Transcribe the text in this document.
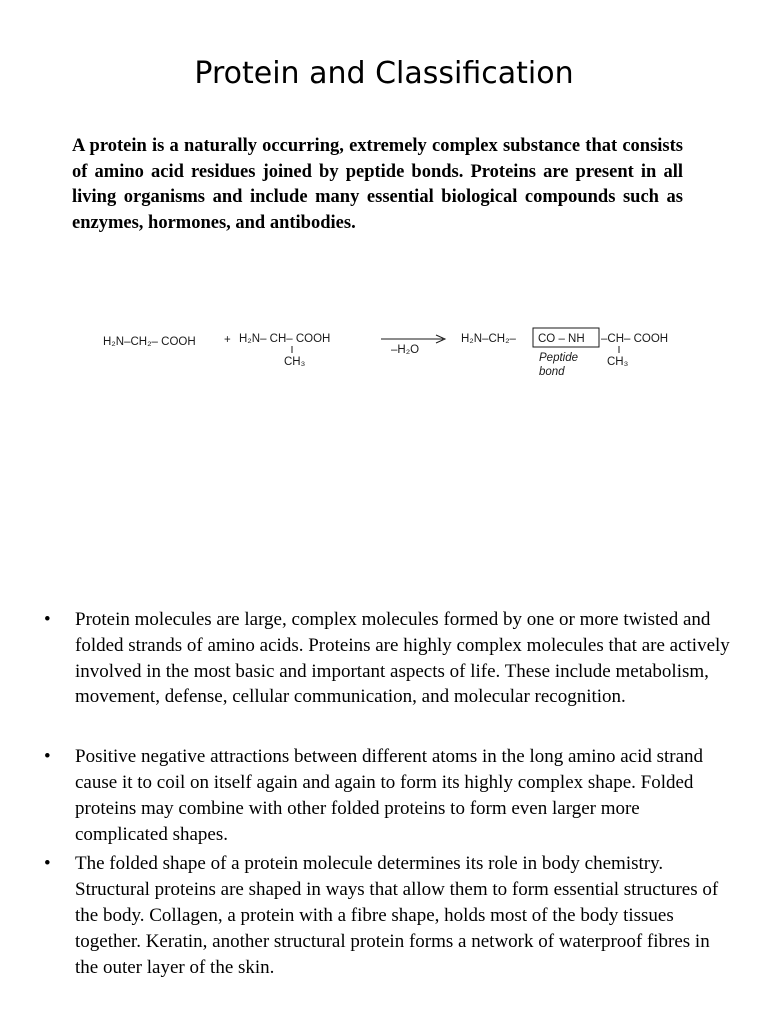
Protein and Classification

A protein is a naturally occurring, extremely complex substance that consists of amino acid residues joined by peptide bonds. Proteins are present in all living organisms and include many essential biological compounds such as enzymes, hormones, and antibodies.

H₂N–CH₂– COOH + H₂N– CH– COOH
CH₃
–H₂O
H₂N–CH₂– CO – NH –CH– COOH
CH₃
Peptide
bond
• Protein molecules are large, complex molecules formed by one or more twisted and folded strands of amino acids. Proteins are highly complex molecules that are actively involved in the most basic and important aspects of life. These include metabolism, movement, defense, cellular communication, and molecular recognition.
• Positive negative attractions between different atoms in the long amino acid strand cause it to coil on itself again and again to form its highly complex shape. Folded proteins may combine with other folded proteins to form even larger more complicated shapes.
• The folded shape of a protein molecule determines its role in body chemistry. Structural proteins are shaped in ways that allow them to form essential structures of the body. Collagen, a protein with a fibre shape, holds most of the body tissues together. Keratin, another structural protein forms a network of waterproof fibres in the outer layer of the skin.
